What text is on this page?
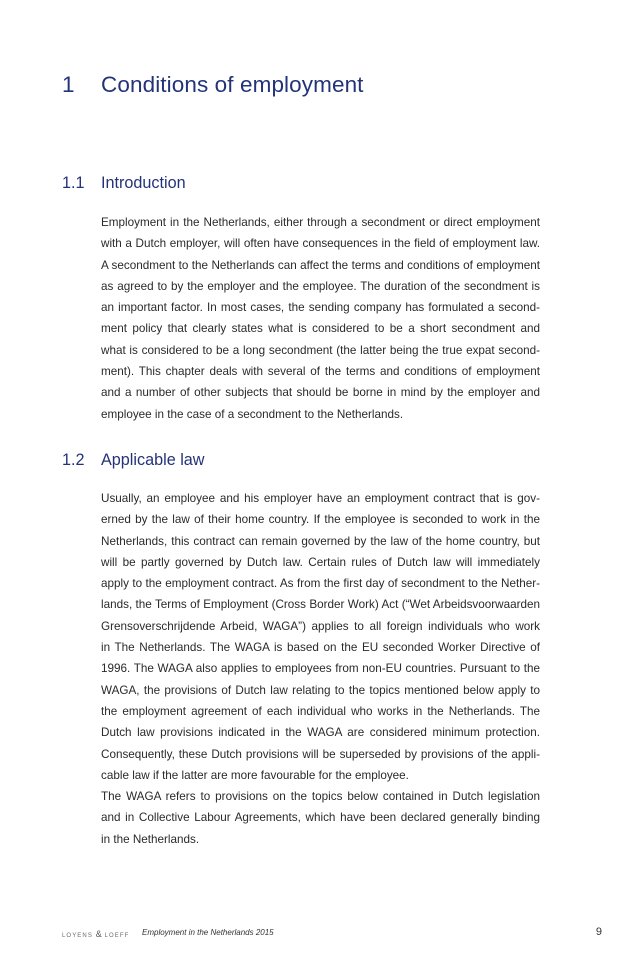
1 Conditions of employment
1.1 Introduction

Employment in the Netherlands, either through a secondment or direct employment
with a Dutch employer, will often have consequences in the field of employment law.
A secondment to the Netherlands can affect the terms and conditions of employment
as agreed to by the employer and the employee. The duration of the secondment is
an important factor. In most cases, the sending company has formulated a second-
ment policy that clearly states what is considered to be a short secondment and
what is considered to be a long secondment (the latter being the true expat second-
ment). This chapter deals with several of the terms and conditions of employment
and a number of other subjects that should be borne in mind by the employer and
employee in the case of a secondment to the Netherlands.

1.2 Applicable law

Usually, an employee and his employer have an employment contract that is gov-
erned by the law of their home country. If the employee is seconded to work in the
Netherlands, this contract can remain governed by the law of the home country, but
will be partly governed by Dutch law. Certain rules of Dutch law will immediately
apply to the employment contract. As from the first day of secondment to the Nether-
lands, the Terms of Employment (Cross Border Work) Act (“Wet Arbeidsvoorwaarden
Grensoverschrijdende Arbeid, WAGA”) applies to all foreign individuals who work
in The Netherlands. The WAGA is based on the EU seconded Worker Directive of
1996. The WAGA also applies to employees from non-EU countries. Pursuant to the
WAGA, the provisions of Dutch law relating to the topics mentioned below apply to
the employment agreement of each individual who works in the Netherlands. The
Dutch law provisions indicated in the WAGA are considered minimum protection.
Consequently, these Dutch provisions will be superseded by provisions of the appli-
cable law if the latter are more favourable for the employee.

The WAGA refers to provisions on the topics below contained in Dutch legislation
and in Collective Labour Agreements, which have been declared generally binding
in the Netherlands.

LOYENS & LOEFF Employment in the Netherlands 2015	9
